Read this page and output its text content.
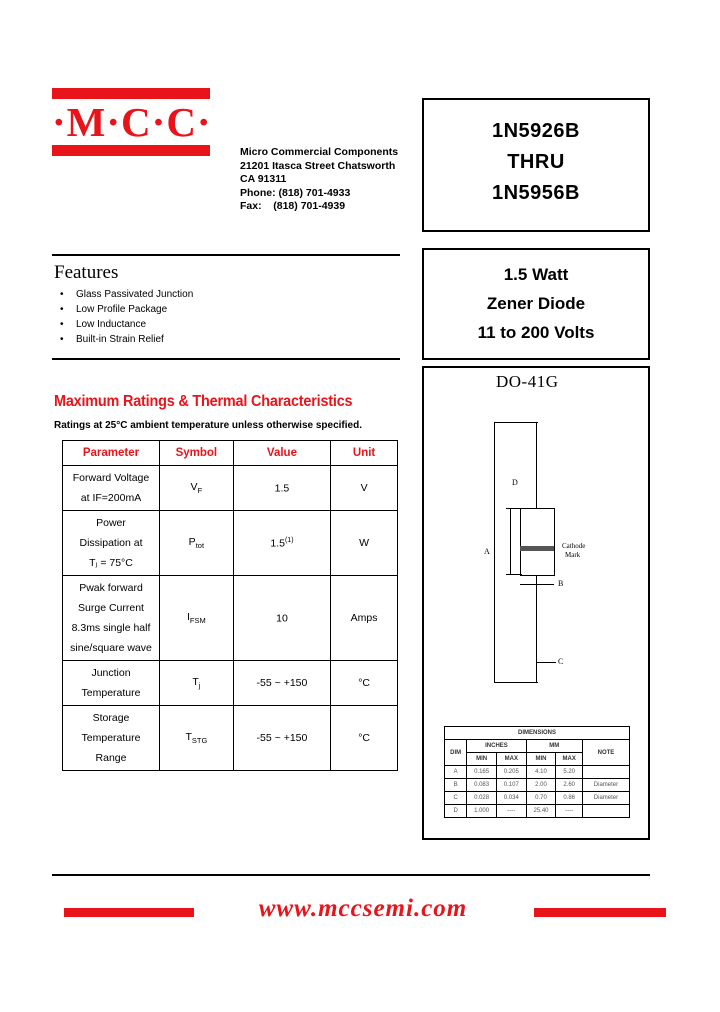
·M·C·C·
Micro Commercial Components
21201 Itasca Street Chatsworth
CA 91311
Phone: (818) 701-4933
Fax:    (818) 701-4939
1N5926B
THRU
1N5956B
1.5 Watt
Zener Diode
11 to 200 Volts
Features
• Glass Passivated Junction
• Low Profile Package
• Low Inductance
• Built-in Strain Relief
Maximum Ratings & Thermal Characteristics
Ratings at 25°C ambient temperature unless otherwise specified.
Parameter	Symbol	Value	Unit

Forward Voltage
at IF=200mA	$V_F$	1.5	V

Power
Dissipation at
Tⱼ = 75°C	$P_{tot}$	1.5$^{(1)}$	W

Pwak forward
Surge Current
8.3ms single half
sine/square wave	$I_{FSM}$	10	Amps

Junction
Temperature	$T_j$	-55 ~ +150	°C

Storage
Temperature
Range	$T_{STG}$	-55 ~ +150	°C
DO-41G
Cathode
Mark
A
D
B
C
DIMENSIONS					
DIM	INCHES		MM		NOTE
	MIN	MAX	MIN	MAX	
A	0.165	0.205	4.10	5.20	
B	0.083	0.107	2.00	2.60	Diameter
C	0.028	0.034	0.70	0.86	Diameter
D	1.000	----	25.40	----	
www.mccsemi.com
